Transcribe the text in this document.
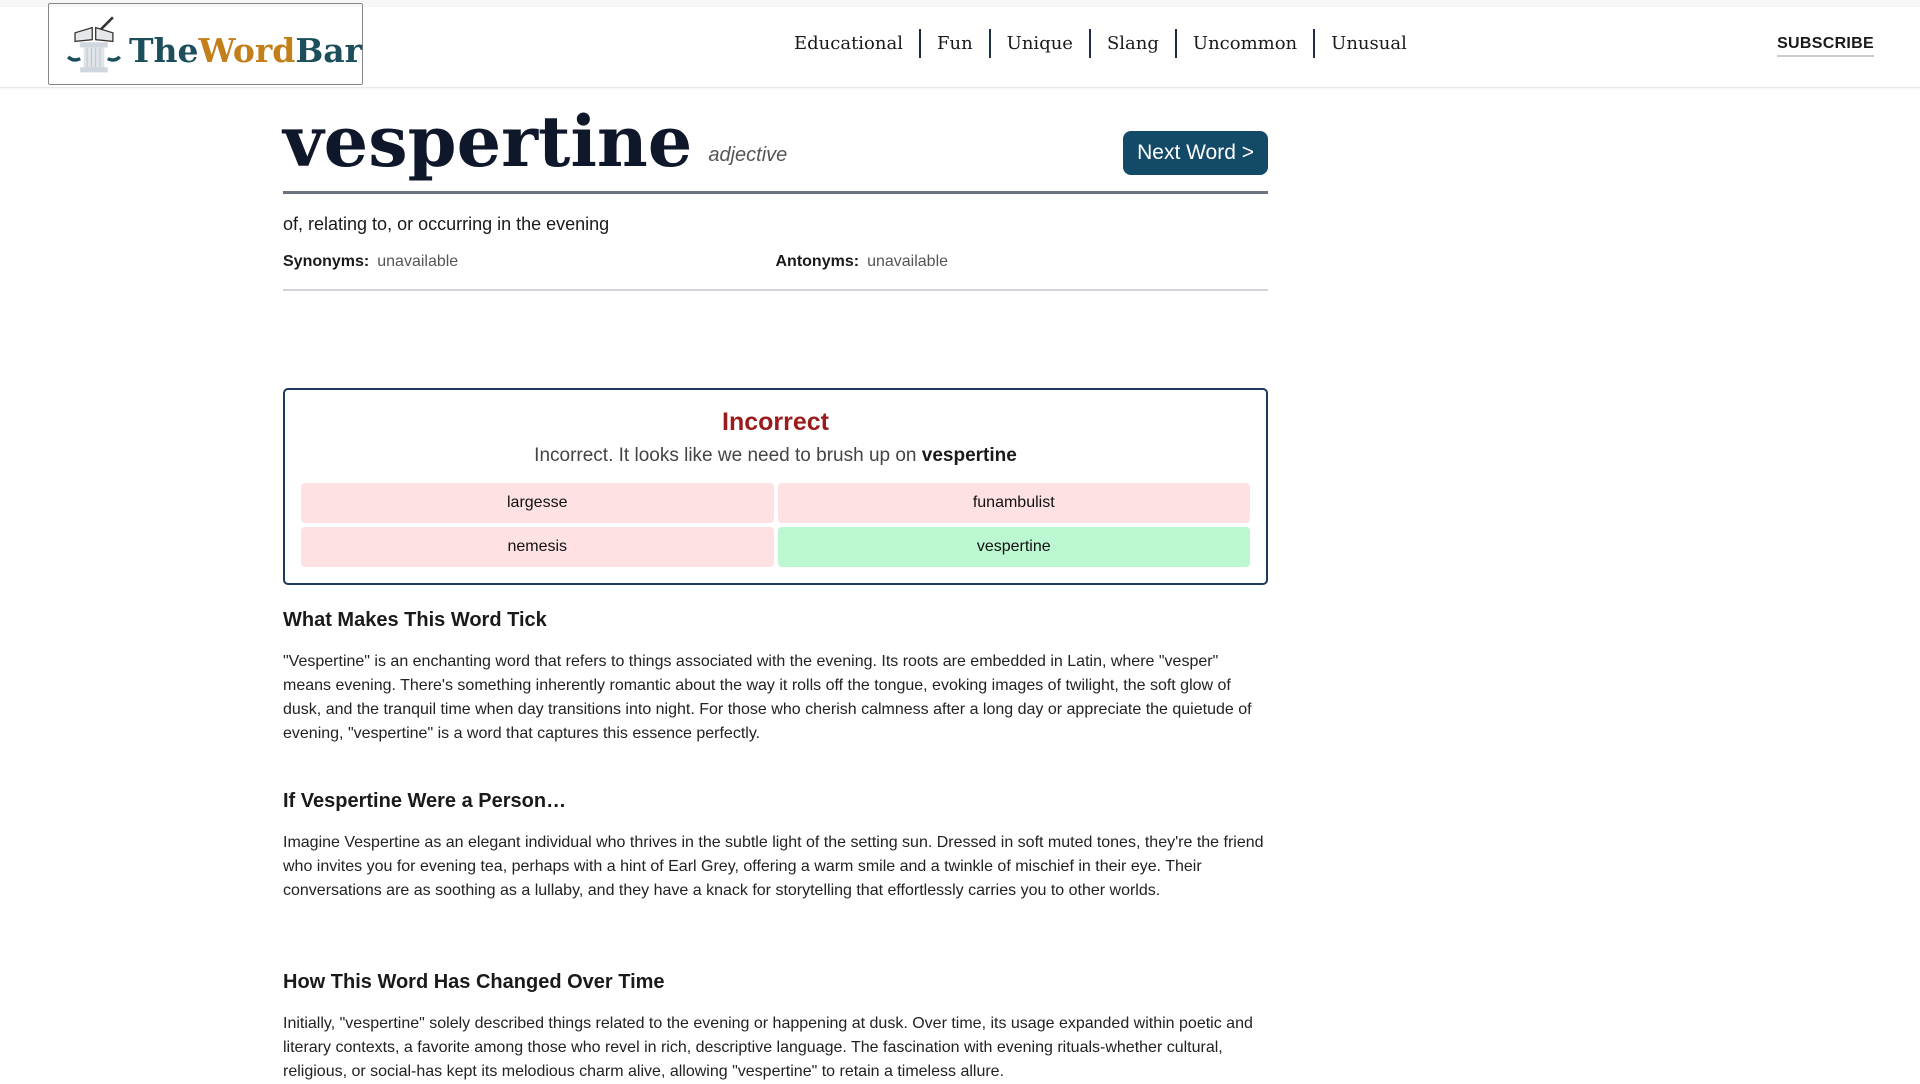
TheWordBar	Educational	Fun	Unique	Slang	Uncommon	Unusual	SUBSCRIBE
vespertine adjective	Next Word >
of, relating to, or occurring in the evening
Synonyms: unavailable	Antonyms: unavailable
Incorrect

Incorrect. It looks like we need to brush up on vespertine

largesse	funambulist
nemesis	vespertine
What Makes This Word Tick

"Vespertine" is an enchanting word that refers to things associated with the evening. Its roots are embedded in Latin, where "vesper" means evening. There's something inherently romantic about the way it rolls off the tongue, evoking images of twilight, the soft glow of dusk, and the tranquil time when day transitions into night. For those who cherish calmness after a long day or appreciate the quietude of evening, "vespertine" is a word that captures this essence perfectly.

If Vespertine Were a Person…

Imagine Vespertine as an elegant individual who thrives in the subtle light of the setting sun. Dressed in soft muted tones, they're the friend who invites you for evening tea, perhaps with a hint of Earl Grey, offering a warm smile and a twinkle of mischief in their eye. Their conversations are as soothing as a lullaby, and they have a knack for storytelling that effortlessly carries you to other worlds.

How This Word Has Changed Over Time

Initially, "vespertine" solely described things related to the evening or happening at dusk. Over time, its usage expanded within poetic and literary contexts, a favorite among those who revel in rich, descriptive language. The fascination with evening rituals-whether cultural, religious, or social-has kept its melodious charm alive, allowing "vespertine" to retain a timeless allure.
